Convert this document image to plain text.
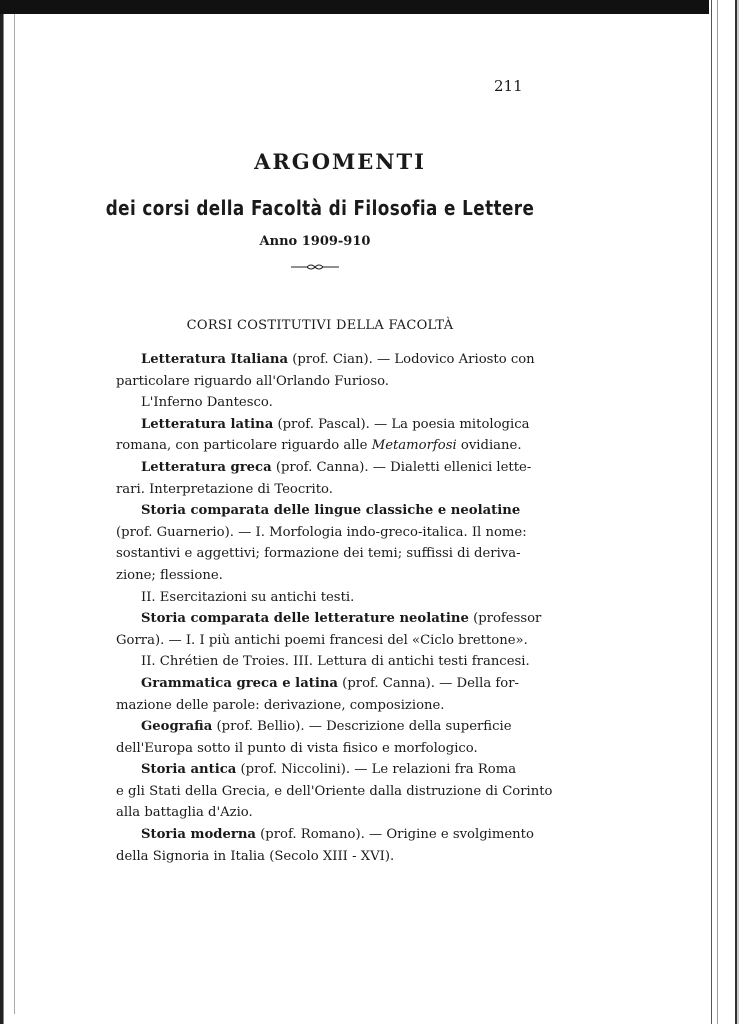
211
ARGOMENTI
dei corsi della Facoltà di Filosofia e Lettere
Anno 1909-910
CORSI COSTITUTIVI DELLA FACOLTÀ
Letteratura Italiana (prof. Cian). — Lodovico Ariosto con
particolare riguardo all'Orlando Furioso.
L'Inferno Dantesco.
Letteratura latina (prof. Pascal). — La poesia mitologica
romana, con particolare riguardo alle Metamorfosi ovidiane.
Letteratura greca (prof. Canna). — Dialetti ellenici lette-
rari. Interpretazione di Teocrito.
Storia comparata delle lingue classiche e neolatine
(prof. Guarnerio). — I. Morfologia indo-greco-italica. Il nome:
sostantivi e aggettivi; formazione dei temi; suffissi di deriva-
zione; flessione.
II. Esercitazioni su antichi testi.
Storia comparata delle letterature neolatine (professor
Gorra). — I. I più antichi poemi francesi del «Ciclo brettone».
II. Chrétien de Troies. III. Lettura di antichi testi francesi.
Grammatica greca e latina (prof. Canna). — Della for-
mazione delle parole: derivazione, composizione.
Geografia (prof. Bellio). — Descrizione della superficie
dell'Europa sotto il punto di vista fisico e morfologico.
Storia antica (prof. Niccolini). — Le relazioni fra Roma
e gli Stati della Grecia, e dell'Oriente dalla distruzione di Corinto
alla battaglia d'Azio.
Storia moderna (prof. Romano). — Origine e svolgimento
della Signoria in Italia (Secolo XIII - XVI).
